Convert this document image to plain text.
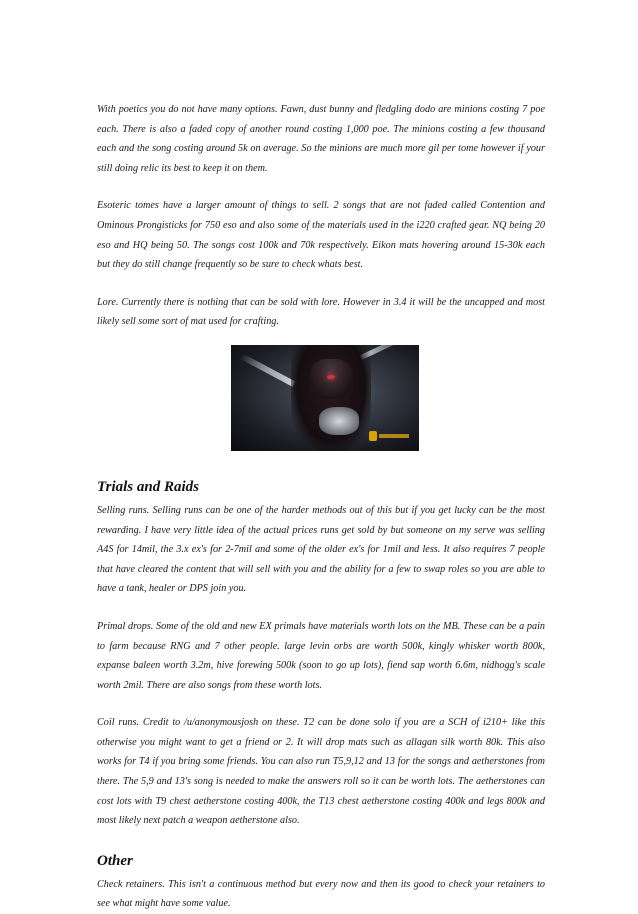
With poetics you do not have many options. Fawn, dust bunny and fledgling dodo are minions costing 7 poe each. There is also a faded copy of another round costing 1,000 poe. The minions costing a few thousand each and the song costing around 5k on average. So the minions are much more gil per tome however if your still doing relic its best to keep it on them.

Esoteric tomes have a larger amount of things to sell. 2 songs that are not faded called Contention and Ominous Prongisticks for 750 eso and also some of the materials used in the i220 crafted gear. NQ being 20 eso and HQ being 50. The songs cost 100k and 70k respectively. Eikon mats hovering around 15-30k each but they do still change frequently so be sure to check whats best.

Lore. Currently there is nothing that can be sold with lore. However in 3.4 it will be the uncapped and most likely sell some sort of mat used for crafting.

Trials and Raids

Selling runs. Selling runs can be one of the harder methods out of this but if you get lucky can be the most rewarding. I have very little idea of the actual prices runs get sold by but someone on my serve was selling A4S for 14mil, the 3.x ex's for 2-7mil and some of the older ex's for 1mil and less. It also requires 7 people that have cleared the content that will sell with you and the ability for a few to swap roles so you are able to have a tank, healer or DPS join you.

Primal drops. Some of the old and new EX primals have materials worth lots on the MB. These can be a pain to farm because RNG and 7 other people. large levin orbs are worth 500k, kingly whisker worth 800k, expanse baleen worth 3.2m, hive forewing 500k (soon to go up lots), fiend sap worth 6.6m, nidhogg's scale worth 2mil. There are also songs from these worth lots.

Coil runs. Credit to /u/anonymousjosh on these. T2 can be done solo if you are a SCH of i210+ like this otherwise you might want to get a friend or 2. It will drop mats such as allagan silk worth 80k. This also works for T4 if you bring some friends. You can also run T5,9,12 and 13 for the songs and aetherstones from there. The 5,9 and 13's song is needed to make the answers roll so it can be worth lots. The aetherstones can cost lots with T9 chest aetherstone costing 400k, the T13 chest aetherstone costing 400k and legs 800k and most likely next patch a weapon aetherstone also.

Other

Check retainers. This isn't a continuous method but every now and then its good to check your retainers to see what might have some value.
